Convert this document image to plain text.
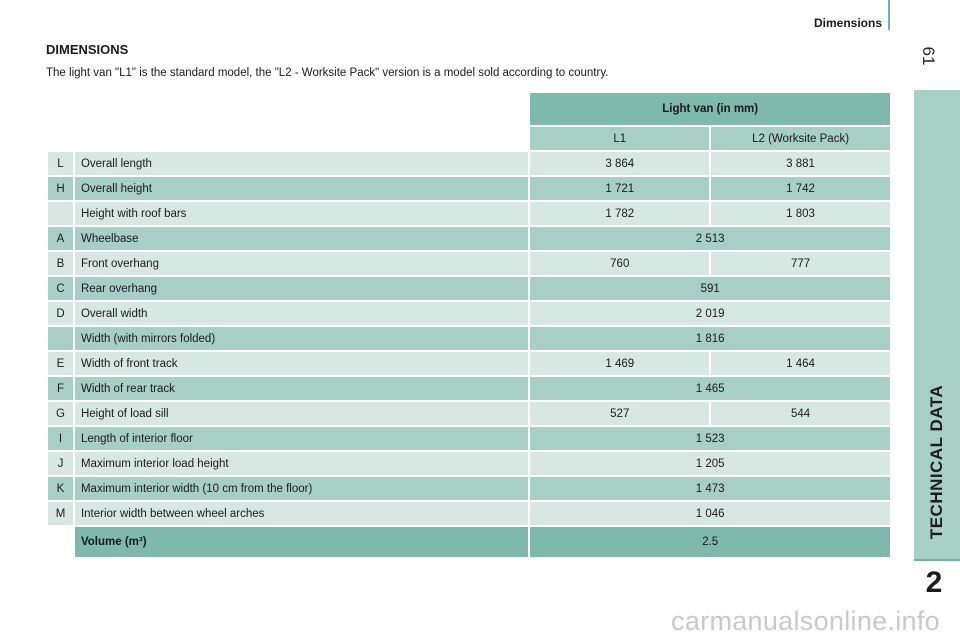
Dimensions
61
TECHNICAL DATA
2
DIMENSIONS
The light van "L1" is the standard model, the "L2 - Worksite Pack" version is a model sold according to country.
		Light van (in mm)	
		L1	L2 (Worksite Pack)
L	Overall length	3 864	3 881
H	Overall height	1 721	1 742
	Height with roof bars	1 782	1 803
A	Wheelbase	2 513	
B	Front overhang	760	777
C	Rear overhang	591	
D	Overall width	2 019	
	Width (with mirrors folded)	1 816	
E	Width of front track	1 469	1 464
F	Width of rear track	1 465	
G	Height of load sill	527	544
I	Length of interior floor	1 523	
J	Maximum interior load height	1 205	
K	Maximum interior width (10 cm from the floor)	1 473	
M	Interior width between wheel arches	1 046	
	Volume (m³)	2.5	
carmanualsonline.info
